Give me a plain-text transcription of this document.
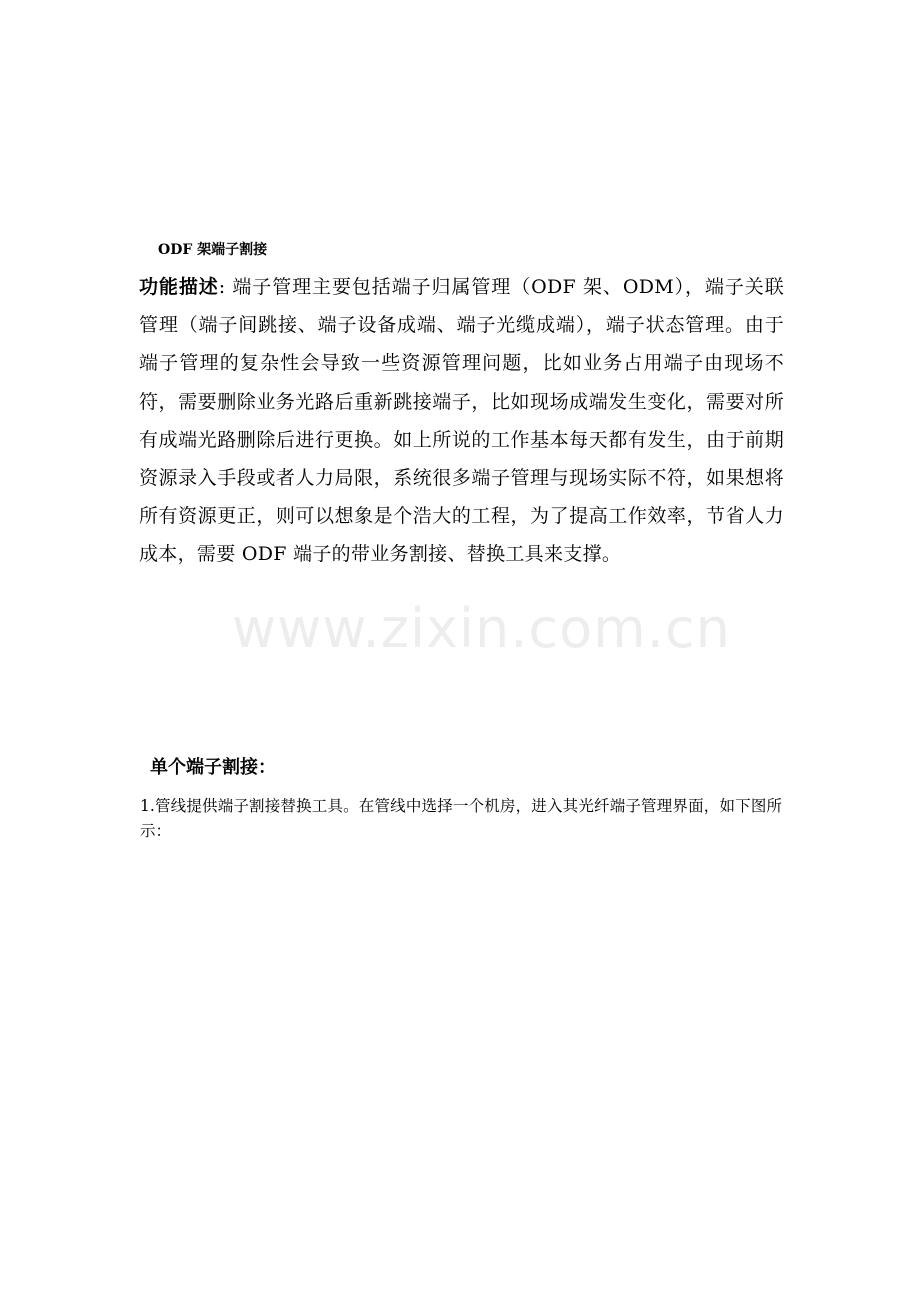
ODF 架端子割接
功能描述: 端子管理主要包括端子归属管理（ODF 架、ODM），端子关联管理（端子间跳接、端子设备成端、端子光缆成端），端子状态管理。由于端子管理的复杂性会导致一些资源管理问题，比如业务占用端子由现场不符，需要删除业务光路后重新跳接端子，比如现场成端发生变化，需要对所有成端光路删除后进行更换。如上所说的工作基本每天都有发生，由于前期资源录入手段或者人力局限，系统很多端子管理与现场实际不符，如果想将所有资源更正，则可以想象是个浩大的工程，为了提高工作效率，节省人力成本，需要 ODF 端子的带业务割接、替换工具来支撑。
www.zixin.com.cn
单个端子割接：
1.管线提供端子割接替换工具。在管线中选择一个机房，进入其光纤端子管理界面，如下图所示：
